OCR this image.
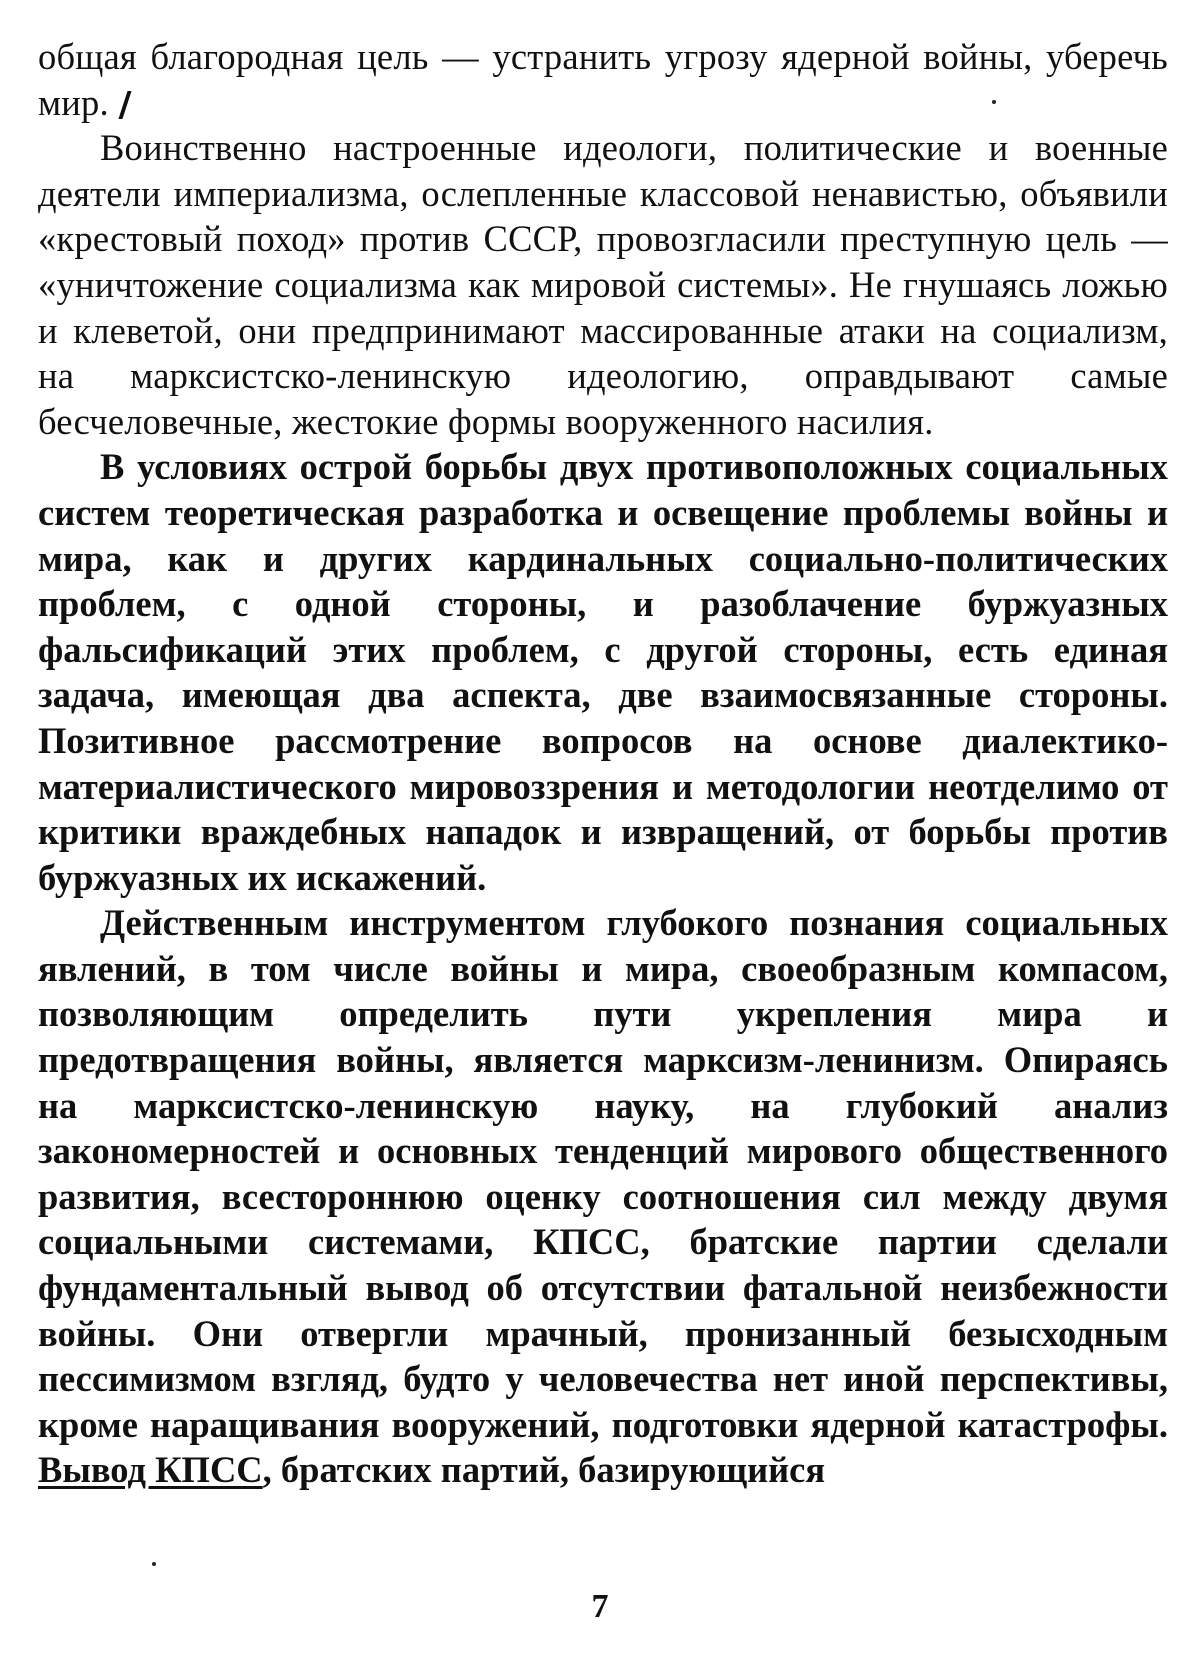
общая благородная цель — устранить угрозу ядерной войны, уберечь мир.

Воинственно настроенные идеологи, политические и военные деятели империализма, ослепленные классовой ненавистью, объявили «крестовый поход» против СССР, провозгласили преступную цель — «уничтожение социализма как мировой системы». Не гнушаясь ложью и клеветой, они предпринимают массированные атаки на социализм, на марксистско-ленинскую идеологию, оправдывают самые бесчеловечные, жестокие формы вооруженного насилия.

В условиях острой борьбы двух противоположных социальных систем теоретическая разработка и освещение проблемы войны и мира, как и других кардинальных социально-политических проблем, с одной стороны, и разоблачение буржуазных фальсификаций этих проблем, с другой стороны, есть единая задача, имеющая два аспекта, две взаимосвязанные стороны. Позитивное рассмотрение вопросов на основе диалектико-материалистического мировоззрения и методологии неотделимо от критики враждебных нападок и извращений, от борьбы против буржуазных их искажений.

Действенным инструментом глубокого познания социальных явлений, в том числе войны и мира, своеобразным компасом, позволяющим определить пути укрепления мира и предотвращения войны, является марксизм-ленинизм. Опираясь на марксистско-ленинскую науку, на глубокий анализ закономерностей и основных тенденций мирового общественного развития, всестороннюю оценку соотношения сил между двумя социальными системами, КПСС, братские партии сделали фундаментальный вывод об отсутствии фатальной неизбежности войны. Они отвергли мрачный, пронизанный безысходным пессимизмом взгляд, будто у человечества нет иной перспективы, кроме наращивания вооружений, подготовки ядерной катастрофы. Вывод КПСС, братских партий, базирующийся

7
